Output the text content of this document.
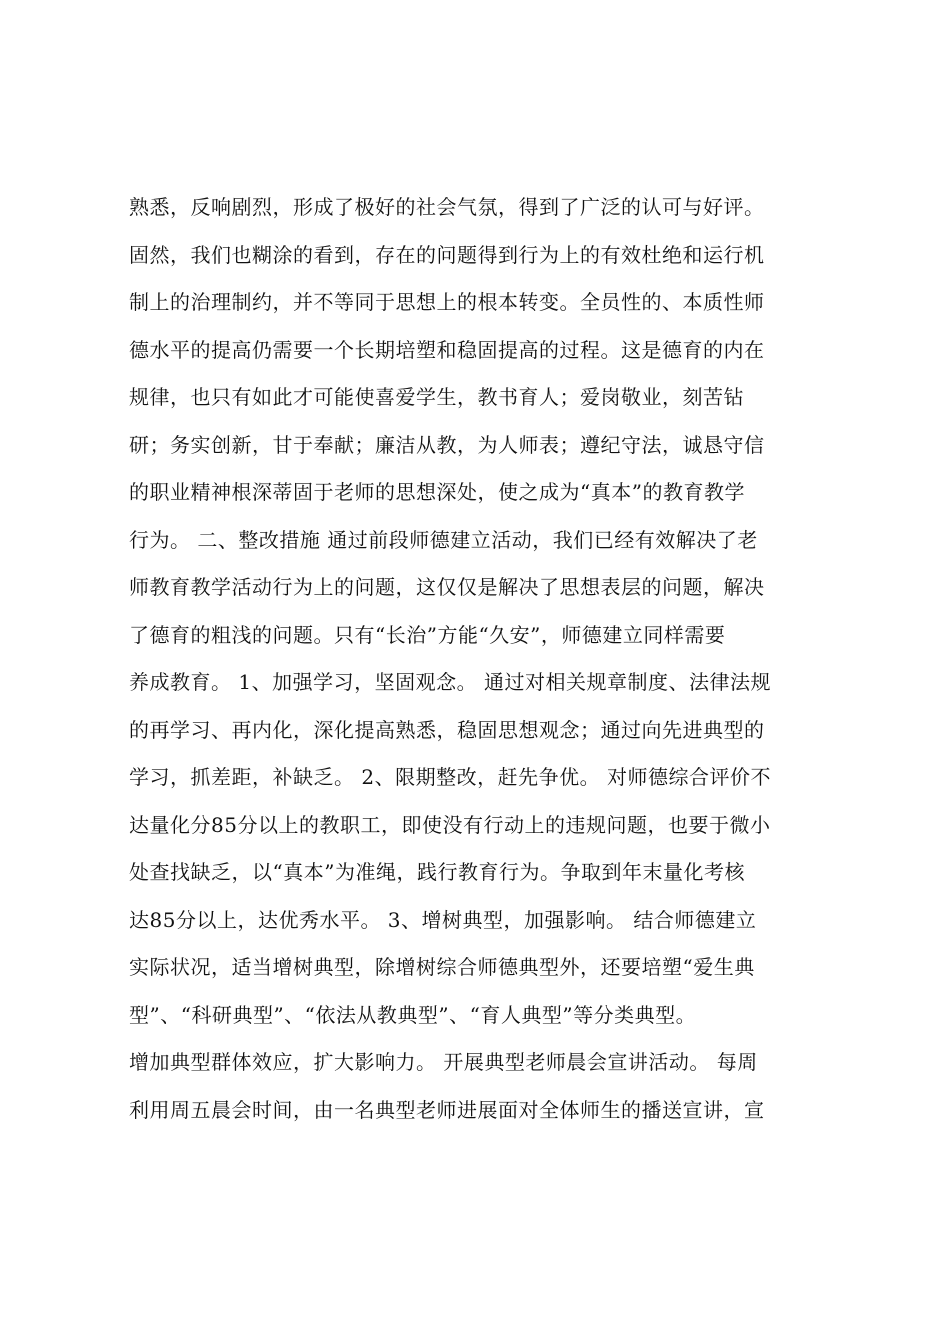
熟悉，反响剧烈，形成了极好的社会气氛，得到了广泛的认可与好评。
固然，我们也糊涂的看到，存在的问题得到行为上的有效杜绝和运行机
制上的治理制约，并不等同于思想上的根本转变。全员性的、本质性师
德水平的提高仍需要一个长期培塑和稳固提高的过程。这是德育的内在
规律，也只有如此才可能使喜爱学生，教书育人；爱岗敬业，刻苦钻
研；务实创新，甘于奉献；廉洁从教，为人师表；遵纪守法，诚恳守信
的职业精神根深蒂固于老师的思想深处，使之成为“真本”的教育教学
行为。 二、整改措施 通过前段师德建立活动，我们已经有效解决了老
师教育教学活动行为上的问题，这仅仅是解决了思想表层的问题，解决
了德育的粗浅的问题。只有“长治”方能“久安”，师德建立同样需要
养成教育。 1、加强学习，坚固观念。 通过对相关规章制度、法律法规
的再学习、再内化，深化提高熟悉，稳固思想观念；通过向先进典型的
学习，抓差距，补缺乏。 2、限期整改，赶先争优。 对师德综合评价不
达量化分85分以上的教职工，即使没有行动上的违规问题，也要于微小
处查找缺乏，以“真本”为准绳，践行教育行为。争取到年末量化考核
达85分以上，达优秀水平。 3、增树典型，加强影响。 结合师德建立
实际状况，适当增树典型，除增树综合师德典型外，还要培塑“爱生典
型”、“科研典型”、“依法从教典型”、“育人典型”等分类典型。
增加典型群体效应，扩大影响力。 开展典型老师晨会宣讲活动。 每周
利用周五晨会时间，由一名典型老师进展面对全体师生的播送宣讲，宣
